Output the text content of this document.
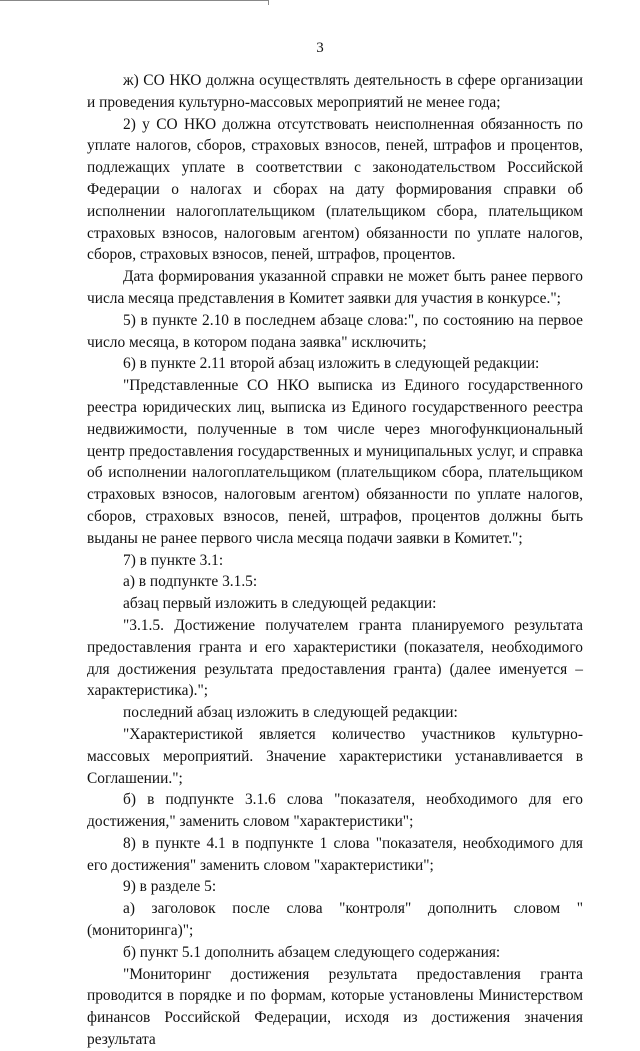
3

ж) СО НКО должна осуществлять деятельность в сфере организации и проведения культурно-массовых мероприятий не менее года;

2) у СО НКО должна отсутствовать неисполненная обязанность по уплате налогов, сборов, страховых взносов, пеней, штрафов и процентов, подлежащих уплате в соответствии с законодательством Российской Федерации о налогах и сборах на дату формирования справки об исполнении налогоплательщиком (плательщиком сбора, плательщиком страховых взносов, налоговым агентом) обязанности по уплате налогов, сборов, страховых взносов, пеней, штрафов, процентов.

Дата формирования указанной справки не может быть ранее первого числа месяца представления в Комитет заявки для участия в конкурсе.";

5) в пункте 2.10 в последнем абзаце слова:", по состоянию на первое число месяца, в котором подана заявка" исключить;

6) в пункте 2.11 второй абзац изложить в следующей редакции:

"Представленные СО НКО выписка из Единого государственного реестра юридических лиц, выписка из Единого государственного реестра недвижимости, полученные в том числе через многофункциональный центр предоставления государственных и муниципальных услуг, и справка об исполнении налогоплательщиком (плательщиком сбора, плательщиком страховых взносов, налоговым агентом) обязанности по уплате налогов, сборов, страховых взносов, пеней, штрафов, процентов должны быть выданы не ранее первого числа месяца подачи заявки в Комитет.";

7) в пункте 3.1:

а) в подпункте 3.1.5:

абзац первый изложить в следующей редакции:

"3.1.5. Достижение получателем гранта планируемого результата предоставления гранта и его характеристики (показателя, необходимого для достижения результата предоставления гранта) (далее именуется – характеристика).";

последний абзац изложить в следующей редакции:

"Характеристикой является количество участников культурно-массовых мероприятий. Значение характеристики устанавливается в Соглашении.";

б) в подпункте 3.1.6 слова "показателя, необходимого для его достижения," заменить словом "характеристики";

8) в пункте 4.1 в подпункте 1 слова "показателя, необходимого для его достижения" заменить словом "характеристики";

9) в разделе 5:

а) заголовок после слова "контроля" дополнить словом "(мониторинга)";

б) пункт 5.1 дополнить абзацем следующего содержания:

"Мониторинг достижения результата предоставления гранта проводится в порядке и по формам, которые установлены Министерством финансов Российской Федерации, исходя из достижения значения результата
